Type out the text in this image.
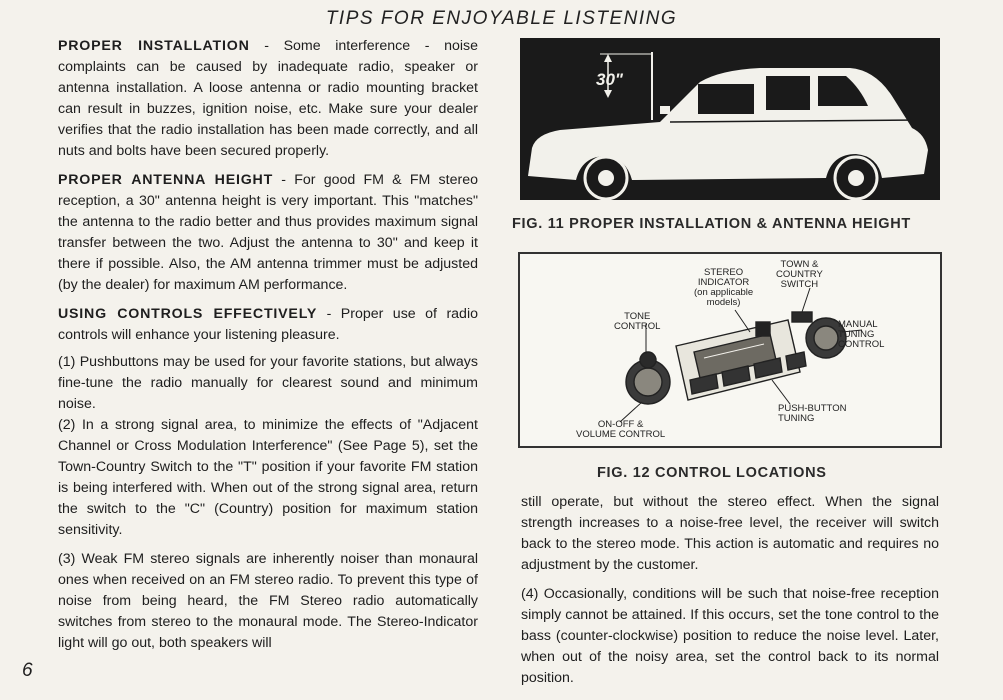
TIPS FOR ENJOYABLE LISTENING

PROPER INSTALLATION - Some interference - noise complaints can be caused by inadequate radio, speaker or antenna installation. A loose antenna or radio mounting bracket can result in buzzes, ignition noise, etc. Make sure your dealer verifies that the radio installation has been made correctly, and all nuts and bolts have been secured properly.

PROPER ANTENNA HEIGHT - For good FM & FM stereo reception, a 30" antenna height is very important. This "matches" the antenna to the radio better and thus provides maximum signal transfer between the two. Adjust the antenna to 30" and keep it there if possible. Also, the AM antenna trimmer must be adjusted (by the dealer) for maximum AM performance.

USING CONTROLS EFFECTIVELY - Proper use of radio controls will enhance your listening pleasure.

(1) Pushbuttons may be used for your favorite stations, but always fine-tune the radio manually for clearest sound and minimum noise.

(2) In a strong signal area, to minimize the effects of "Adjacent Channel or Cross Modulation Interference" (See Page 5), set the Town-Country Switch to the "T" position if your favorite FM station is being interfered with. When out of the strong signal area, return the switch to the "C" (Country) position for maximum station sensitivity.

(3) Weak FM stereo signals are inherently noiser than monaural ones when received on an FM stereo radio. To prevent this type of noise from being heard, the FM Stereo radio automatically switches from stereo to the monaural mode. The Stereo-Indicator light will go out, both speakers will

6
30"
FIG. 11 PROPER INSTALLATION & ANTENNA HEIGHT
STEREO
INDICATOR
(on applicable
models)
TOWN &
COUNTRY
SWITCH
TONE
CONTROL	MANUAL
TUNING
CONTROL
ON-OFF &
VOLUME CONTROL
PUSH-BUTTON
TUNING
FIG. 12 CONTROL LOCATIONS

still operate, but without the stereo effect. When the signal strength increases to a noise-free level, the receiver will switch back to the stereo mode. This action is automatic and requires no adjustment by the customer.

(4) Occasionally, conditions will be such that noise-free reception simply cannot be attained. If this occurs, set the tone control to the bass (counter-clockwise) position to reduce the noise level. Later, when out of the noisy area, set the control back to its normal position.
